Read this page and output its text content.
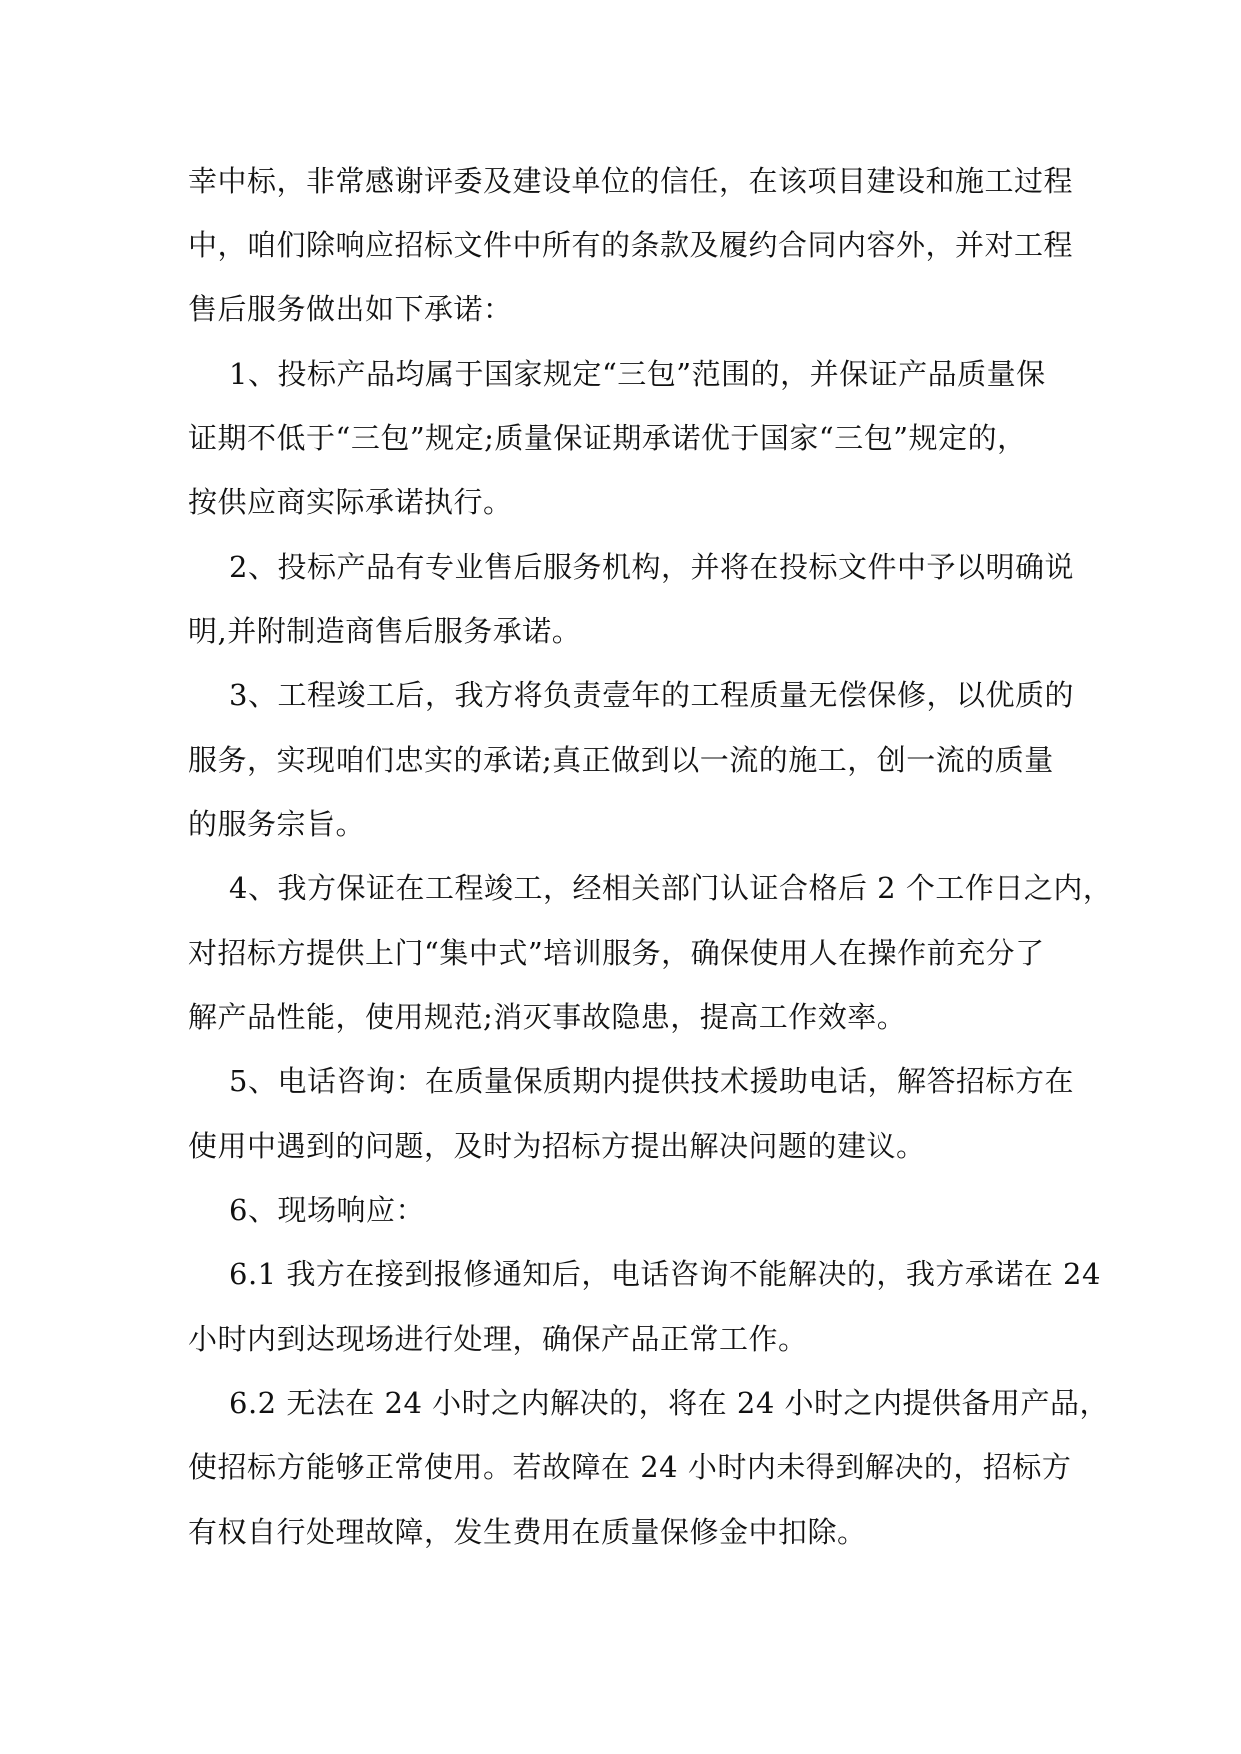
幸中标，非常感谢评委及建设单位的信任，在该项目建设和施工过程
中，咱们除响应招标文件中所有的条款及履约合同内容外，并对工程
售后服务做出如下承诺：
1、投标产品均属于国家规定“三包”范围的，并保证产品质量保
证期不低于“三包”规定;质量保证期承诺优于国家“三包”规定的，
按供应商实际承诺执行。
2、投标产品有专业售后服务机构，并将在投标文件中予以明确说
明,并附制造商售后服务承诺。
3、工程竣工后，我方将负责壹年的工程质量无偿保修，以优质的
服务，实现咱们忠实的承诺;真正做到以一流的施工，创一流的质量
的服务宗旨。
4、我方保证在工程竣工，经相关部门认证合格后 2 个工作日之内，
对招标方提供上门“集中式”培训服务，确保使用人在操作前充分了
解产品性能，使用规范;消灭事故隐患，提高工作效率。
5、电话咨询：在质量保质期内提供技术援助电话，解答招标方在
使用中遇到的问题，及时为招标方提出解决问题的建议。
6、现场响应：
6.1 我方在接到报修通知后，电话咨询不能解决的，我方承诺在 24
小时内到达现场进行处理，确保产品正常工作。
6.2 无法在 24 小时之内解决的，将在 24 小时之内提供备用产品，
使招标方能够正常使用。若故障在 24 小时内未得到解决的，招标方
有权自行处理故障，发生费用在质量保修金中扣除。
